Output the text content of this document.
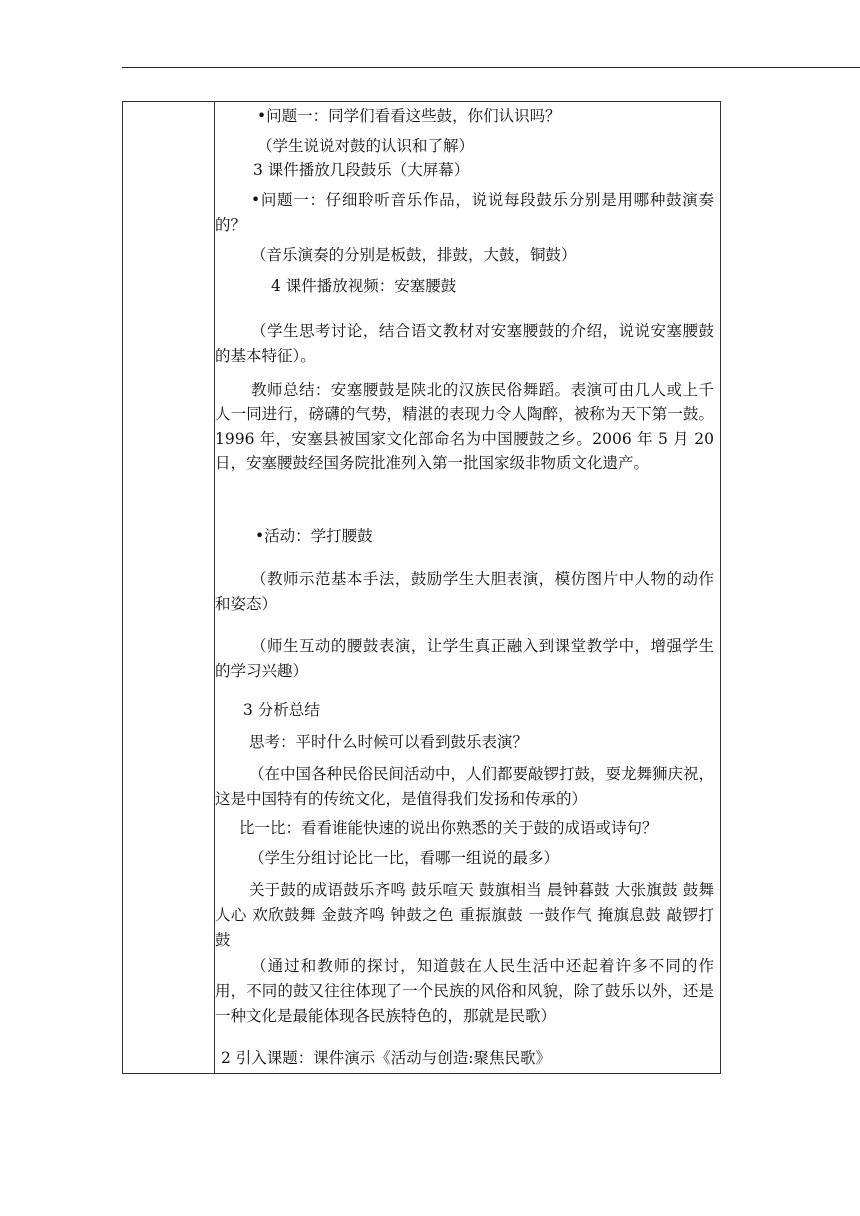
•问题一：同学们看看这些鼓，你们认识吗？

（学生说说对鼓的认识和了解）

3 课件播放几段鼓乐（大屏幕）

•问题一：仔细聆听音乐作品，说说每段鼓乐分别是用哪种鼓演奏的？

（音乐演奏的分别是板鼓，排鼓，大鼓，铜鼓）

4 课件播放视频：安塞腰鼓

（学生思考讨论，结合语文教材对安塞腰鼓的介绍，说说安塞腰鼓的基本特征）。

教师总结：安塞腰鼓是陕北的汉族民俗舞蹈。表演可由几人或上千人一同进行，磅礴的气势，精湛的表现力令人陶醉，被称为天下第一鼓。1996 年，安塞县被国家文化部命名为中国腰鼓之乡。2006 年 5 月 20 日，安塞腰鼓经国务院批准列入第一批国家级非物质文化遗产。

•活动：学打腰鼓

（教师示范基本手法，鼓励学生大胆表演，模仿图片中人物的动作和姿态）

（师生互动的腰鼓表演，让学生真正融入到课堂教学中，增强学生的学习兴趣）

3 分析总结

思考：平时什么时候可以看到鼓乐表演？

（在中国各种民俗民间活动中，人们都要敲锣打鼓，耍龙舞狮庆祝，这是中国特有的传统文化，是值得我们发扬和传承的）

比一比：看看谁能快速的说出你熟悉的关于鼓的成语或诗句？

（学生分组讨论比一比，看哪一组说的最多）

关于鼓的成语鼓乐齐鸣 鼓乐喧天 鼓旗相当 晨钟暮鼓 大张旗鼓 鼓舞人心 欢欣鼓舞 金鼓齐鸣 钟鼓之色 重振旗鼓 一鼓作气 掩旗息鼓 敲锣打鼓

（通过和教师的探讨，知道鼓在人民生活中还起着许多不同的作用，不同的鼓又往往体现了一个民族的风俗和风貌，除了鼓乐以外，还是一种文化是最能体现各民族特色的，那就是民歌）

2 引入课题：课件演示《活动与创造:聚焦民歌》
